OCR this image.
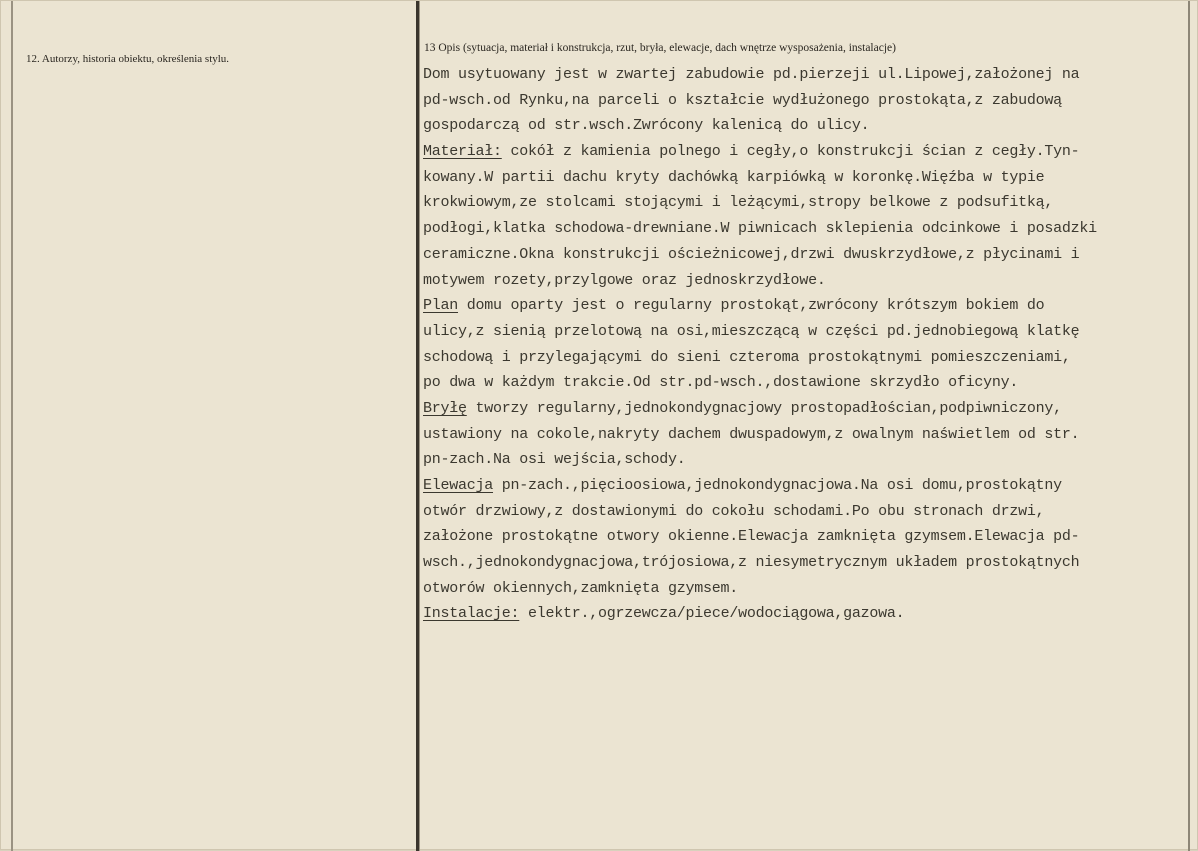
12. Autorzy, historia obiektu, określenia stylu.
13 Opis (sytuacja, materiał i konstrukcja, rzut, bryła, elewacje, dach wnętrze wysposażenia, instalacje)
Dom usytuowany jest w zwartej zabudowie pd.pierzeji ul.Lipowej,założonej na
pd-wsch.od Rynku,na parceli o kształcie wydłużonego prostokąta,z zabudową
gospodarczą od str.wsch.Zwrócony kalenicą do ulicy.
Materiał: cokół z kamienia polnego i cegły,o konstrukcji ścian z cegły.Tyn-
kowany.W partii dachu kryty dachówką karpiówką w koronkę.Więźba w typie
krokwiowym,ze stolcami stojącymi i leżącymi,stropy belkowe z podsufitką,
podłogi,klatka schodowa-drewniane.W piwnicach sklepienia odcinkowe i posadzki
ceramiczne.Okna konstrukcji ościeżnicowej,drzwi dwuskrzydłowe,z płycinami i
motywem rozety,przylgowe oraz jednoskrzydłowe.
Plan domu oparty jest o regularny prostokąt,zwrócony krótszym bokiem do
ulicy,z sienią przelotową na osi,mieszczącą w części pd.jednobiegową klatkę
schodową i przylegającymi do sieni czteroma prostokątnymi pomieszczeniami,
po dwa w każdym trakcie.Od str.pd-wsch.,dostawione skrzydło oficyny.
Bryłę tworzy regularny,jednokondygnacjowy prostopadłościan,podpiwniczony,
ustawiony na cokole,nakryty dachem dwuspadowym,z owalnym naświetlem od str.
pn-zach.Na osi wejścia,schody.
Elewacja pn-zach.,pięcioosiowa,jednokondygnacjowa.Na osi domu,prostokątny
otwór drzwiowy,z dostawionymi do cokołu schodami.Po obu stronach drzwi,
założone prostokątne otwory okienne.Elewacja zamknięta gzymsem.Elewacja pd-
wsch.,jednokondygnacjowa,trójosiowa,z niesymetrycznym układem prostokątnych
otworów okiennych,zamknięta gzymsem.
Instalacje: elektr.,ogrzewcza/piece/wodociągowa,gazowa.
